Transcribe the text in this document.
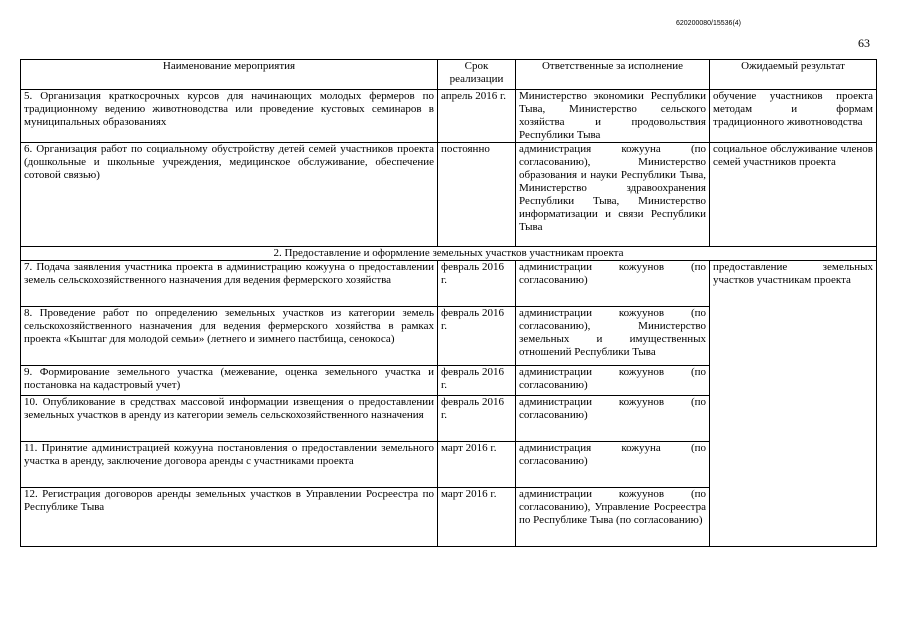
620200080/15536(4)
63
Наименование мероприятия	Срок реализации	Ответственные за исполнение	Ожидаемый результат
5. Организация краткосрочных курсов для начинающих молодых фермеров по традиционному ведению животноводства или проведение кустовых семинаров в муниципальных образованиях	апрель 2016 г.	Министерство экономики Республики Тыва, Министерство сельского хозяйства и продовольствия Республики Тыва	обучение участников проекта методам и формам традиционного животноводства
6. Организация работ по социальному обустройству детей семей участников проекта (дошкольные и школьные учреждения, медицинское обслуживание, обеспечение сотовой связью)	постоянно	администрация кожууна (по согласованию), Министерство образования и науки Республики Тыва, Министерство здравоохранения Республики Тыва, Министерство информатизации и связи Республики Тыва	социальное обслуживание членов семей участников проекта
2. Предоставление и оформление земельных участков участникам проекта			
7. Подача заявления участника проекта в администрацию кожууна о предоставлении земель сельскохозяйственного назначения для ведения фермерского хозяйства	февраль 2016 г.	администрации кожуунов (по согласованию)	предоставление земельных участков участникам проекта
8. Проведение работ по определению земельных участков из категории земель сельскохозяйственного назначения для ведения фермерского хозяйства в рамках проекта «Кыштаг для молодой семьи» (летнего и зимнего пастбища, сенокоса)	февраль 2016 г.	администрации кожуунов (по согласованию), Министерство земельных и имущественных отношений Республики Тыва	
9. Формирование земельного участка (межевание, оценка земельного участка и постановка на кадастровый учет)	февраль 2016 г.	администрации кожуунов (по согласованию)	
10. Опубликование в средствах массовой информации извещения о предоставлении земельных участков в аренду из категории земель сельскохозяйственного назначения	февраль 2016 г.	администрации кожуунов (по согласованию)	
11. Принятие администрацией кожууна постановления о предоставлении земельного участка в аренду, заключение договора аренды с участниками проекта	март 2016 г.	администрация кожууна (по согласованию)	
12. Регистрация договоров аренды земельных участков в Управлении Росреестра по Республике Тыва	март 2016 г.	администрации кожуунов (по согласованию), Управление Росреестра по Республике Тыва (по согласованию)	
